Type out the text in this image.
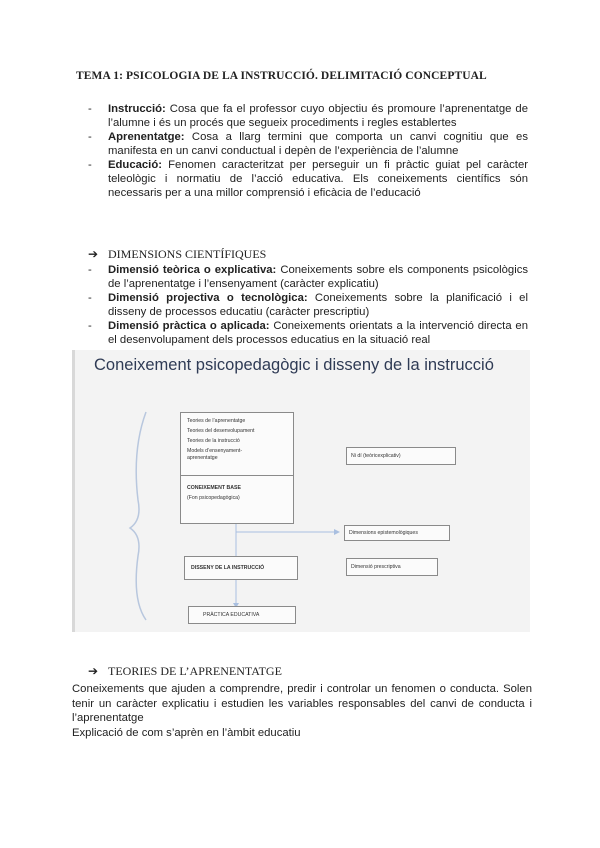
TEMA 1: PSICOLOGIA DE LA INSTRUCCIÓ. DELIMITACIÓ CONCEPTUAL
- Instrucció: Cosa que fa el professor cuyo objectiu és promoure l’aprenentatge de l’alumne i és un procés que segueix procediments i regles establertes
- Aprenentatge: Cosa a llarg termini que comporta un canvi cognitiu que es manifesta en un canvi conductual i depèn de l’experiència de l’alumne
- Educació: Fenomen caracteritzat per perseguir un fi pràctic guiat pel caràcter teleològic i normatiu de l’acció educativa. Els coneixements científics són necessaris per a una millor comprensió i eficàcia de l’educació
➔ DIMENSIONS CIENTÍFIQUES
- Dimensió teòrica o explicativa: Coneixements sobre els components psicològics de l’aprenentatge i l’ensenyament (caràcter explicatiu)
- Dimensió projectiva o tecnològica: Coneixements sobre la planificació i el disseny de processos educatiu (caràcter prescriptiu)
- Dimensió pràctica o aplicada: Coneixements orientats a la intervenció directa en el desenvolupament dels processos educatius en la situació real
Coneixement psicopedagògic i disseny de la instrucció
Teories de l’aprenentatge
Teories del desenvolupament
Teories de la instrucció
Models d’ensenyament-
aprenentatge
CONEIXEMENT BASE
(Fon psicopedagògica)
Ni dí (teòricexplicativ)
Dimensions epistemològiques
DISSENY DE LA INSTRUCCIÓ	Dimensió prescriptiva
PRÀCTICA EDUCATIVA
➔ TEORIES DE L’APRENENTATGE

Coneixements que ajuden a comprendre, predir i controlar un fenomen o conducta. Solen tenir un caràcter explicatiu i estudien les variables responsables del canvi de conducta i l’aprenentatge

Explicació de com s’aprèn en l’àmbit educatiu
